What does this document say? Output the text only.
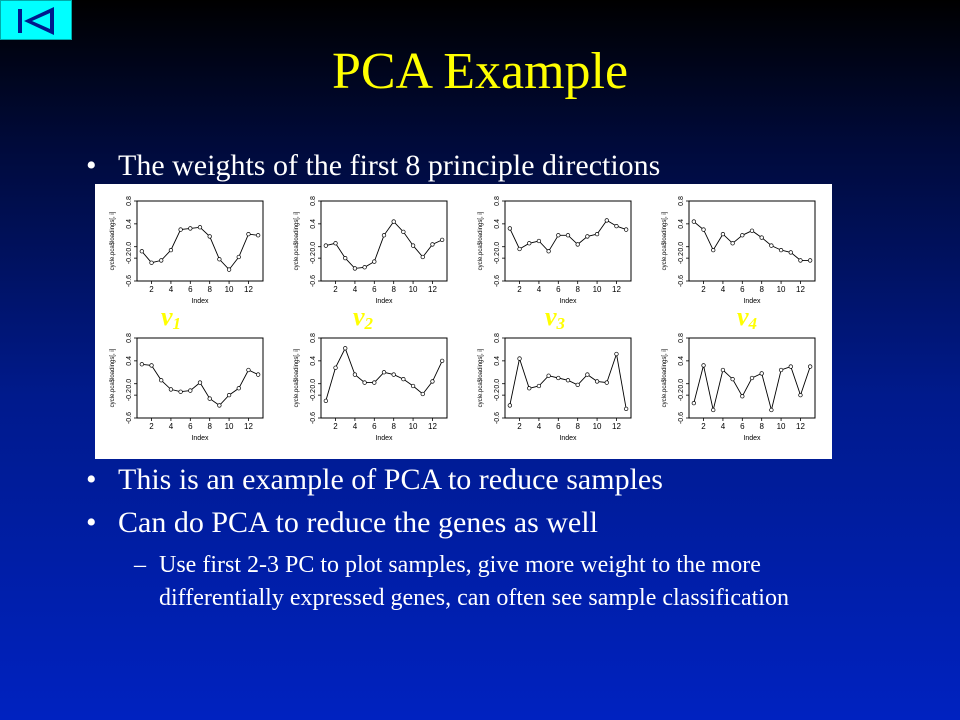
PCA Example
• The weights of the first 8 principle directions
-0.6
-0.2
0.0
0.4
0.8
2 4 6 8 10 12
Index
cycle.pca$loadings[, i]
-0.6
-0.2
0.0
0.4
0.8
2 4 6 8 10 12
Index
cycle.pca$loadings[, i]
-0.6
-0.2
0.0
0.4
0.8
2 4 6 8 10 12
Index
cycle.pca$loadings[, i]
-0.6
-0.2
0.0
0.4
0.8
2 4 6 8 10 12
Index
cycle.pca$loadings[, i]
-0.6
-0.2
0.0
0.4
0.8
2 4 6 8 10 12
Index
cycle.pca$loadings[, i]
-0.6
-0.2
0.0
0.4
0.8
2 4 6 8 10 12
Index
cycle.pca$loadings[, i]
-0.6
-0.2
0.0
0.4
0.8
2 4 6 8 10 12
Index
cycle.pca$loadings[, i]
-0.6
-0.2
0.0
0.4
0.8
2 4 6 8 10 12
Index
cycle.pca$loadings[, i]
$v_1$	$v_2$	$v_3$	$v_4$
• This is an example of PCA to reduce samples
• Can do PCA to reduce the genes as well
– Use first 2-3 PC to plot samples, give more weight to the more differentially expressed genes, can often see sample classification
